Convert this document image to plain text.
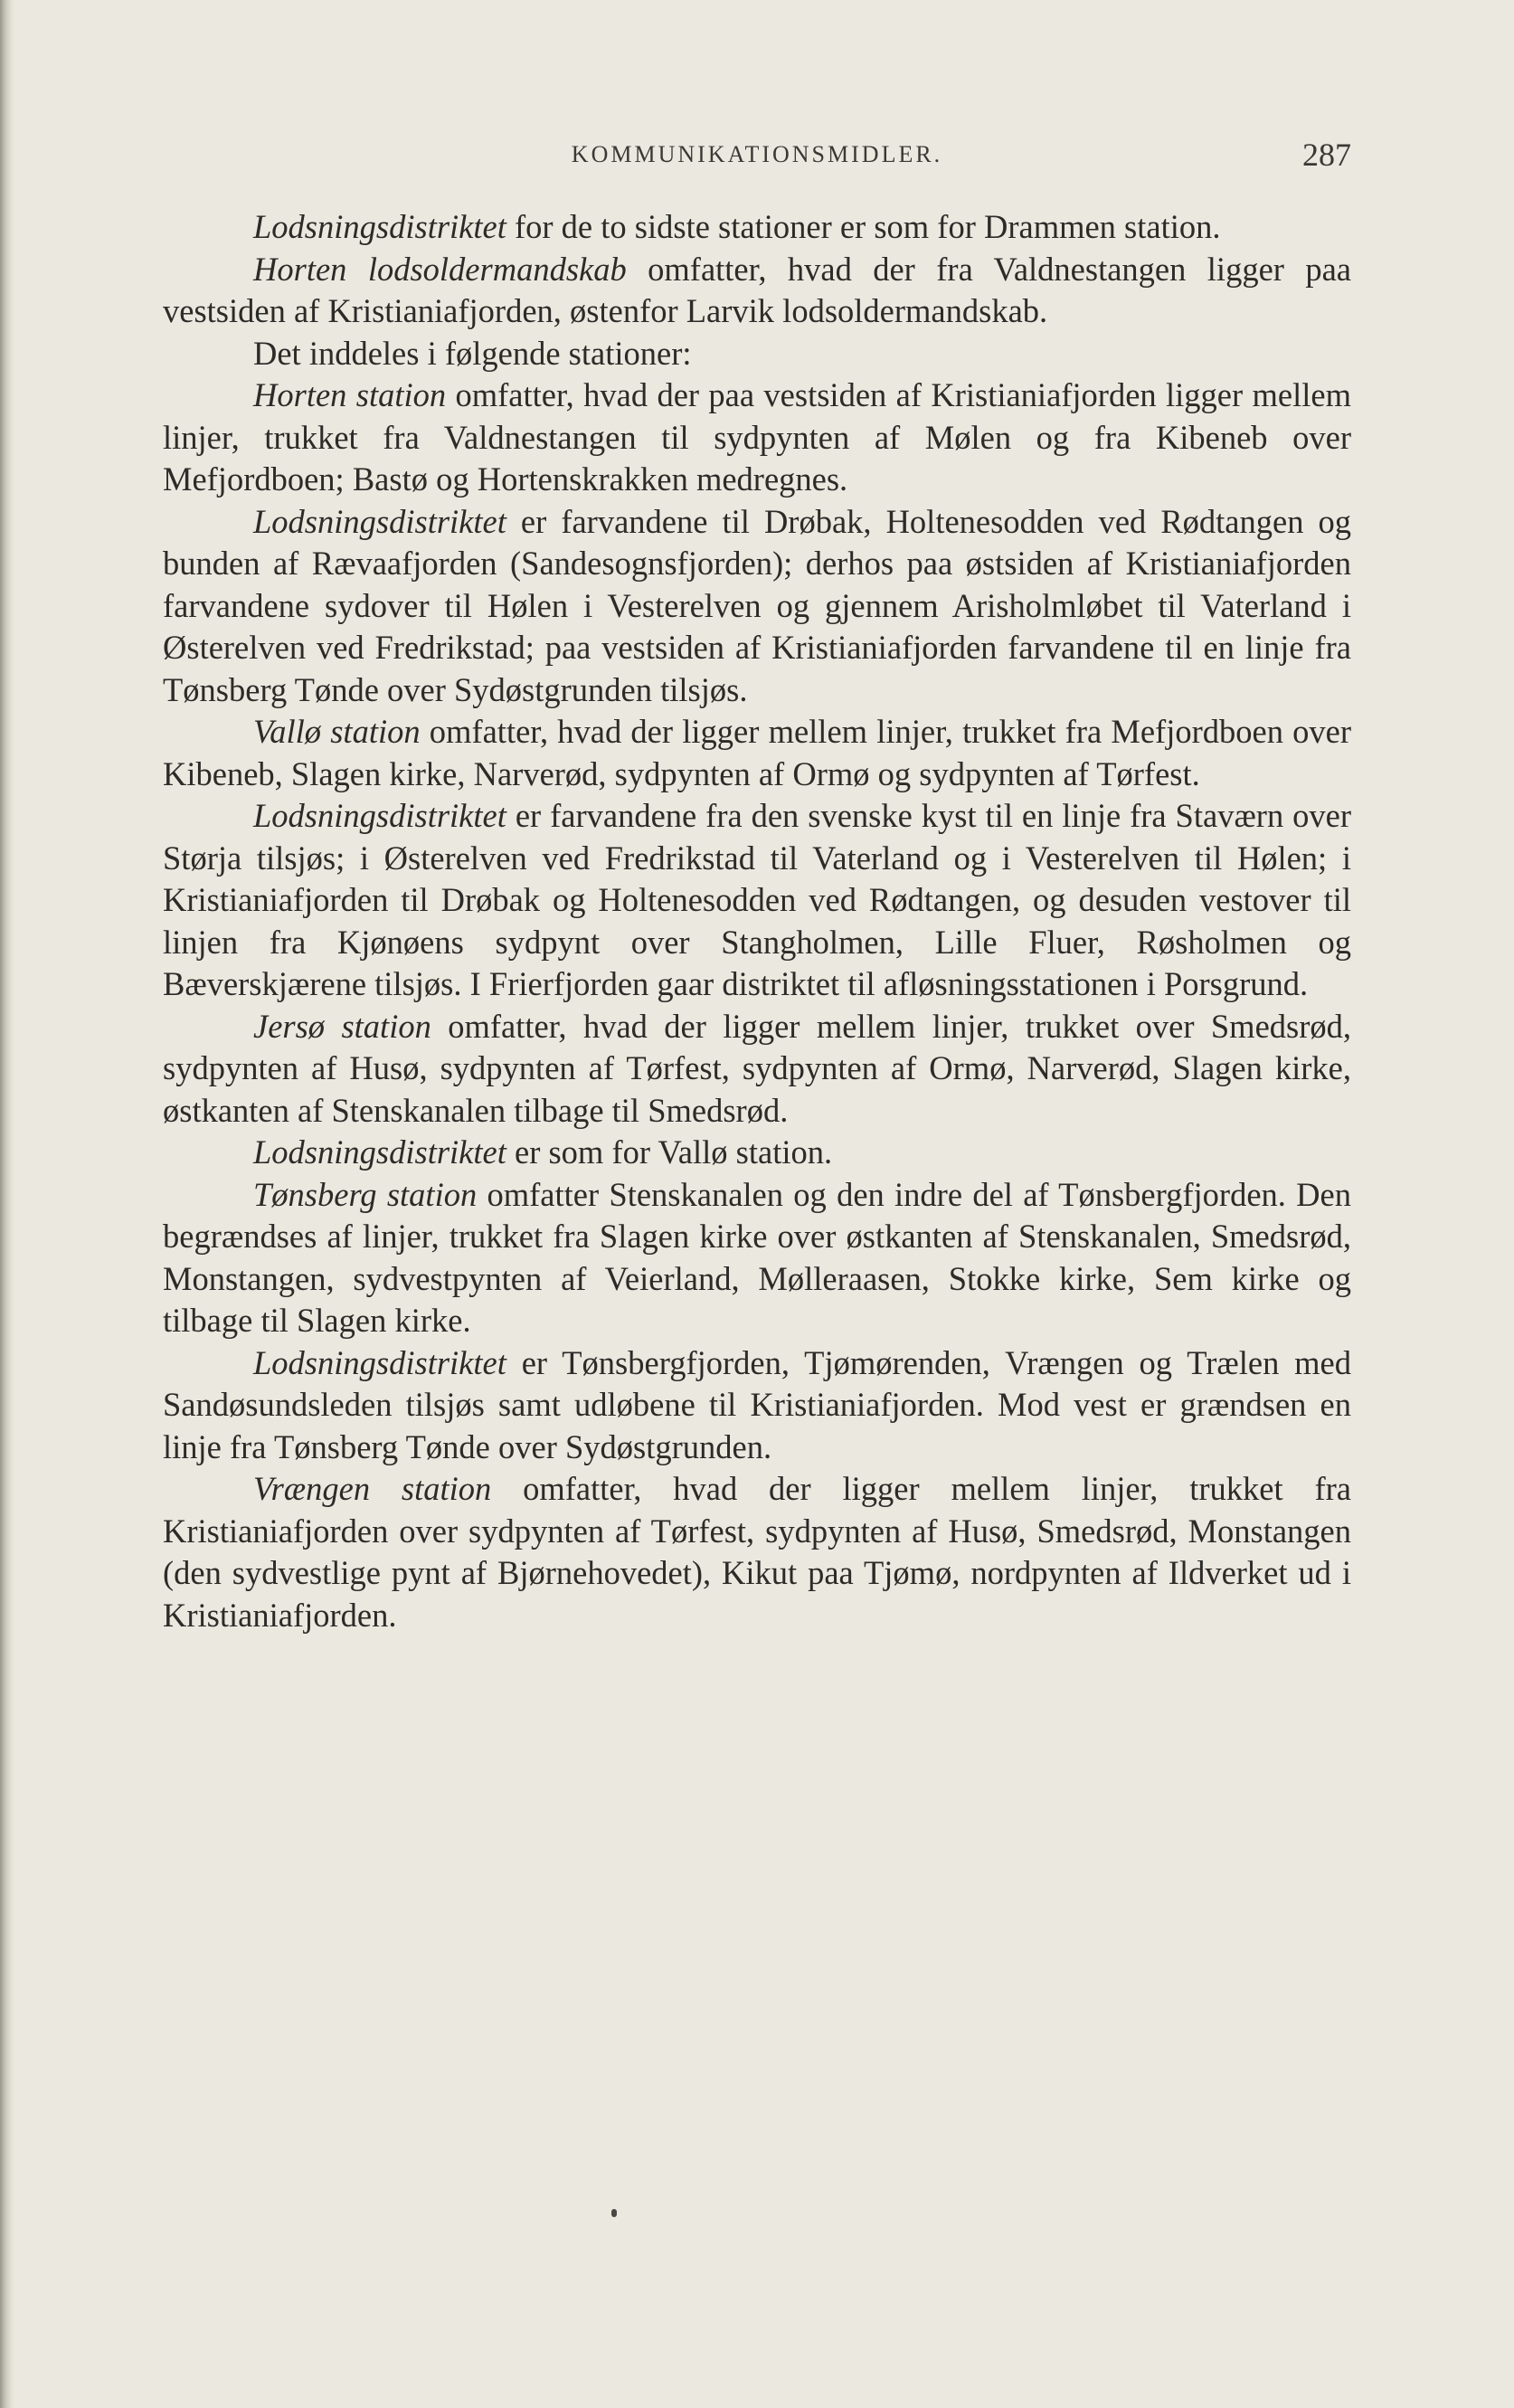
KOMMUNIKATIONSMIDLER.	287

Lodsningsdistriktet for de to sidste stationer er som for Drammen station.

Horten lodsoldermandskab omfatter, hvad der fra Valdnestangen ligger paa vestsiden af Kristianiafjorden, østenfor Larvik lodsoldermandskab.

Det inddeles i følgende stationer:

Horten station omfatter, hvad der paa vestsiden af Kristianiafjorden ligger mellem linjer, trukket fra Valdnestangen til sydpynten af Mølen og fra Kibeneb over Mefjordboen; Bastø og Hortenskrakken medregnes.

Lodsningsdistriktet er farvandene til Drøbak, Holtenesodden ved Rødtangen og bunden af Rævaafjorden (Sandesognsfjorden); derhos paa østsiden af Kristianiafjorden farvandene sydover til Hølen i Vesterelven og gjennem Arisholmløbet til Vaterland i Østerelven ved Fredrikstad; paa vestsiden af Kristianiafjorden farvandene til en linje fra Tønsberg Tønde over Sydøstgrunden tilsjøs.

Vallø station omfatter, hvad der ligger mellem linjer, trukket fra Mefjordboen over Kibeneb, Slagen kirke, Narverød, sydpynten af Ormø og sydpynten af Tørfest.

Lodsningsdistriktet er farvandene fra den svenske kyst til en linje fra Staværn over Størja tilsjøs; i Østerelven ved Fredrikstad til Vaterland og i Vesterelven til Hølen; i Kristianiafjorden til Drøbak og Holtenesodden ved Rødtangen, og desuden vestover til linjen fra Kjønøens sydpynt over Stangholmen, Lille Fluer, Røsholmen og Bæverskjærene tilsjøs. I Frierfjorden gaar distriktet til afløsningsstationen i Porsgrund.

Jersø station omfatter, hvad der ligger mellem linjer, trukket over Smedsrød, sydpynten af Husø, sydpynten af Tørfest, sydpynten af Ormø, Narverød, Slagen kirke, østkanten af Stenskanalen tilbage til Smedsrød.

Lodsningsdistriktet er som for Vallø station.

Tønsberg station omfatter Stenskanalen og den indre del af Tønsbergfjorden. Den begrændses af linjer, trukket fra Slagen kirke over østkanten af Stenskanalen, Smedsrød, Monstangen, sydvestpynten af Veierland, Mølleraasen, Stokke kirke, Sem kirke og tilbage til Slagen kirke.

Lodsningsdistriktet er Tønsbergfjorden, Tjømørenden, Vrængen og Trælen med Sandøsundsleden tilsjøs samt udløbene til Kristianiafjorden. Mod vest er grændsen en linje fra Tønsberg Tønde over Sydøstgrunden.

Vrængen station omfatter, hvad der ligger mellem linjer, trukket fra Kristianiafjorden over sydpynten af Tørfest, sydpynten af Husø, Smedsrød, Monstangen (den sydvestlige pynt af Bjørnehovedet), Kikut paa Tjømø, nordpynten af Ildverket ud i Kristianiafjorden.
